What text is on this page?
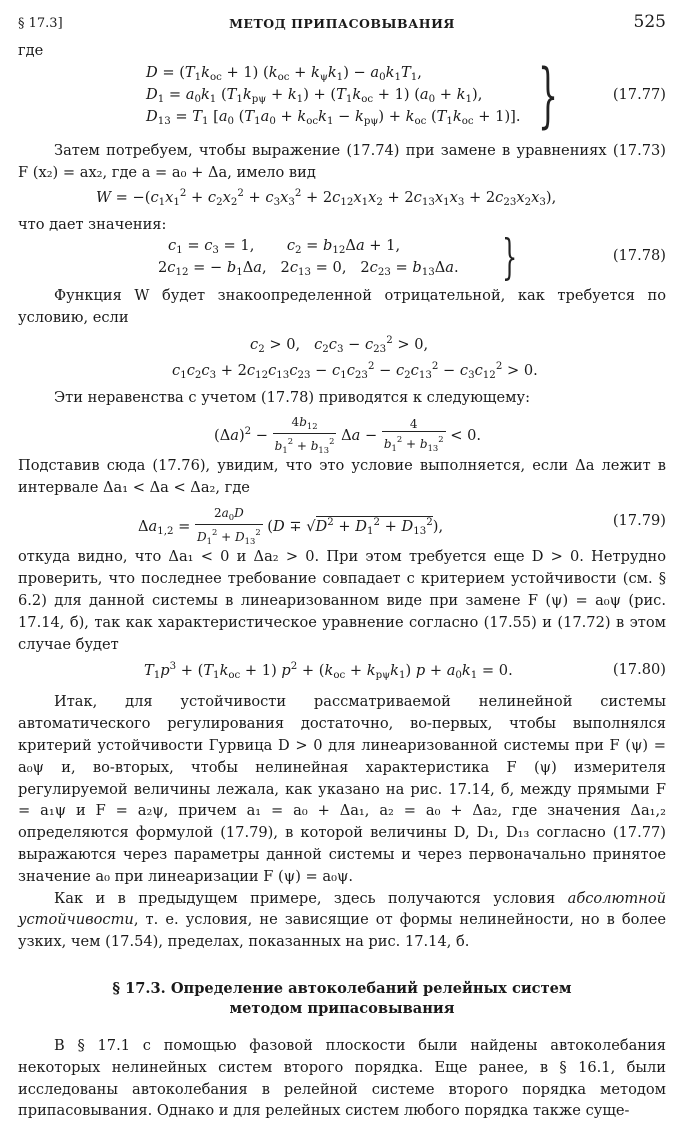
§ 17.3]	МЕТОД ПРИПАСОВЫВАНИЯ	525
где
$D = (T_1k_{oc} + 1) (k_{oc} + k_\psi k_1) - a_0k_1T_1$,
$D_1 = a_0k_1$ $(T_1k_{p\psi} + k_1) + (T_1k_{oc} + 1) (a_0 + k_1)$,
$D_{13} = T_1$ [$a_0$ $(T_1a_0 + k_{oc}k_1 - k_{p\psi}) + k_{oc}$ $(T_1k_{oc} + 1)$]. }	(17.77)

Затем потребуем, чтобы выражение (17.74) при замене в уравнениях (17.73) F (x₂) = ax₂, где a = a₀ + Δa, имело вид

$W = -(c_1x_1^2 + c_2x_2^2 + c_3x_3^2 + 2c_{12}x_1x_2 + 2c_{13}x_1x_3 + 2c_{23}x_2x_3)$,

что дает значения:

$c_1 = c_3 = 1$,       $c_2 = b_{12}\Delta a + 1$,
$2c_{12}$ = − $b_1\Delta a$,   $2c_{13} = 0$,   $2c_{23} = b_{13}\Delta a$. }	(17.78)

Функция W будет знакоопределенной отрицательной, как требуется по условию, если

$c_2 > 0$,   $c_2c_3 - c_{23}^2 > 0$,
$c_1c_2c_3 + 2c_{12}c_{13}c_{23} - c_1c_{23}^2 - c_2c_{13}^2 - c_3c_{12}^2 > 0$.

Эти неравенства с учетом (17.78) приводятся к следующему:

$(\Delta a)^2 - \frac{4b_{12}}{b_1^2 + b_{13}^2}$ $\Delta a - \frac{4}{b_1^2 + b_{13}^2} < 0$.

Подставив сюда (17.76), увидим, что это условие выполняется, если Δa лежит в интервале Δa₁ < Δa < Δa₂, где

$\Delta a_{1,2} = \frac{2a_0D}{D_1^2 + D_{13}^2} (D \mp √D^2 + D_1^2 + D_{13}^2)$,	(17.79)

откуда видно, что Δa₁ < 0 и Δa₂ > 0. При этом требуется еще D > 0. Нетрудно проверить, что последнее требование совпадает с критерием устойчивости (см. § 6.2) для данной системы в линеаризованном виде при замене F (ψ) = a₀ψ (рис. 17.14, б), так как характеристическое уравнение согласно (17.55) и (17.72) в этом случае будет

$T_1p^3 + (T_1k_{oc} + 1) p^2 + (k_{oc} + k_{p\psi}k_1) p + a_0k_1 = 0$.	(17.80)

Итак, для устойчивости рассматриваемой нелинейной системы автоматического регулирования достаточно, во-первых, чтобы выполнялся критерий устойчивости Гурвица D > 0 для линеаризованной системы при F (ψ) = a₀ψ и, во-вторых, чтобы нелинейная характеристика F (ψ) измерителя регулируемой величины лежала, как указано на рис. 17.14, б, между прямыми F = a₁ψ и F = a₂ψ, причем a₁ = a₀ + Δa₁, a₂ = a₀ + Δa₂, где значения Δa₁,₂ определяются формулой (17.79), в которой величины D, D₁, D₁₃ согласно (17.77) выражаются через параметры данной системы и через первоначально принятое значение a₀ при линеаризации F (ψ) = a₀ψ.

Как и в предыдущем примере, здесь получаются условия абсолютной устойчивости, т. е. условия, не зависящие от формы нелинейности, но в более узких, чем (17.54), пределах, показанных на рис. 17.14, б.

§ 17.3. Определение автоколебаний релейных систем

методом припасовывания

В § 17.1 с помощью фазовой плоскости были найдены автоколебания некоторых нелинейных систем второго порядка. Еще ранее, в § 16.1, были исследованы автоколебания в релейной системе второго порядка методом припасовывания. Однако и для релейных систем любого порядка также суще-
